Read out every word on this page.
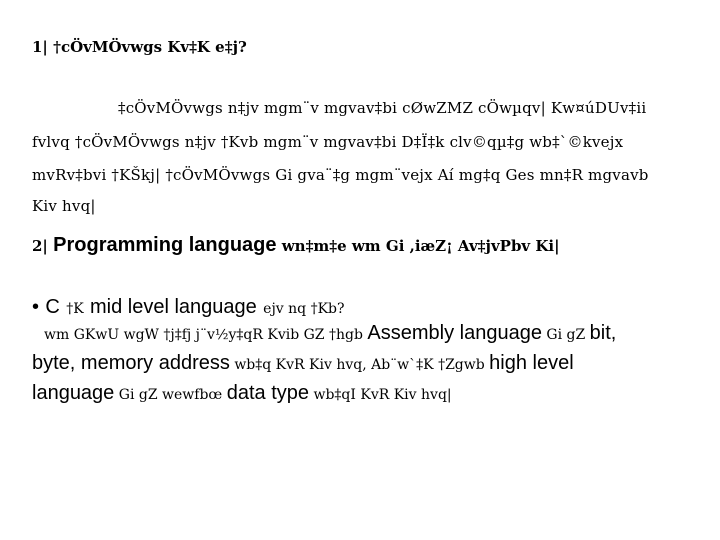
1| †cÖvMÖvwgs Kv‡K e‡j?
‡cÖvMÖvwgs n‡jv mgm¨v mgvav‡bi cØwZMZ cÖwµqv| Kw¤úDUv‡ii
fvlvq †cÖvMÖvwgs n‡jv †Kvb mgm¨v mgvav‡bi D‡Ï‡k clv©qµ‡g wb‡`©kvejx
mvRv‡bvi †KŠkj| †cÖvMÖvwgs Gi gva¨‡g mgm¨vejx Aí mg‡q Ges mn‡R mgvavb
Kiv hvq|
2| Programming language wn‡m‡e wm Gi ,iæZ¡ Av‡jvPbv Ki|
• C †K mid level language ejv nq †Kb?
wm GKwU wgW †j‡fj j¨v½y‡qR Kvib GZ †hgb Assembly language Gi gZ bit,
byte, memory address wb‡q KvR Kiv hvq, Ab¨w`‡K †Zgwb high level
language Gi gZ wewfbœ data type wb‡qI KvR Kiv hvq|
